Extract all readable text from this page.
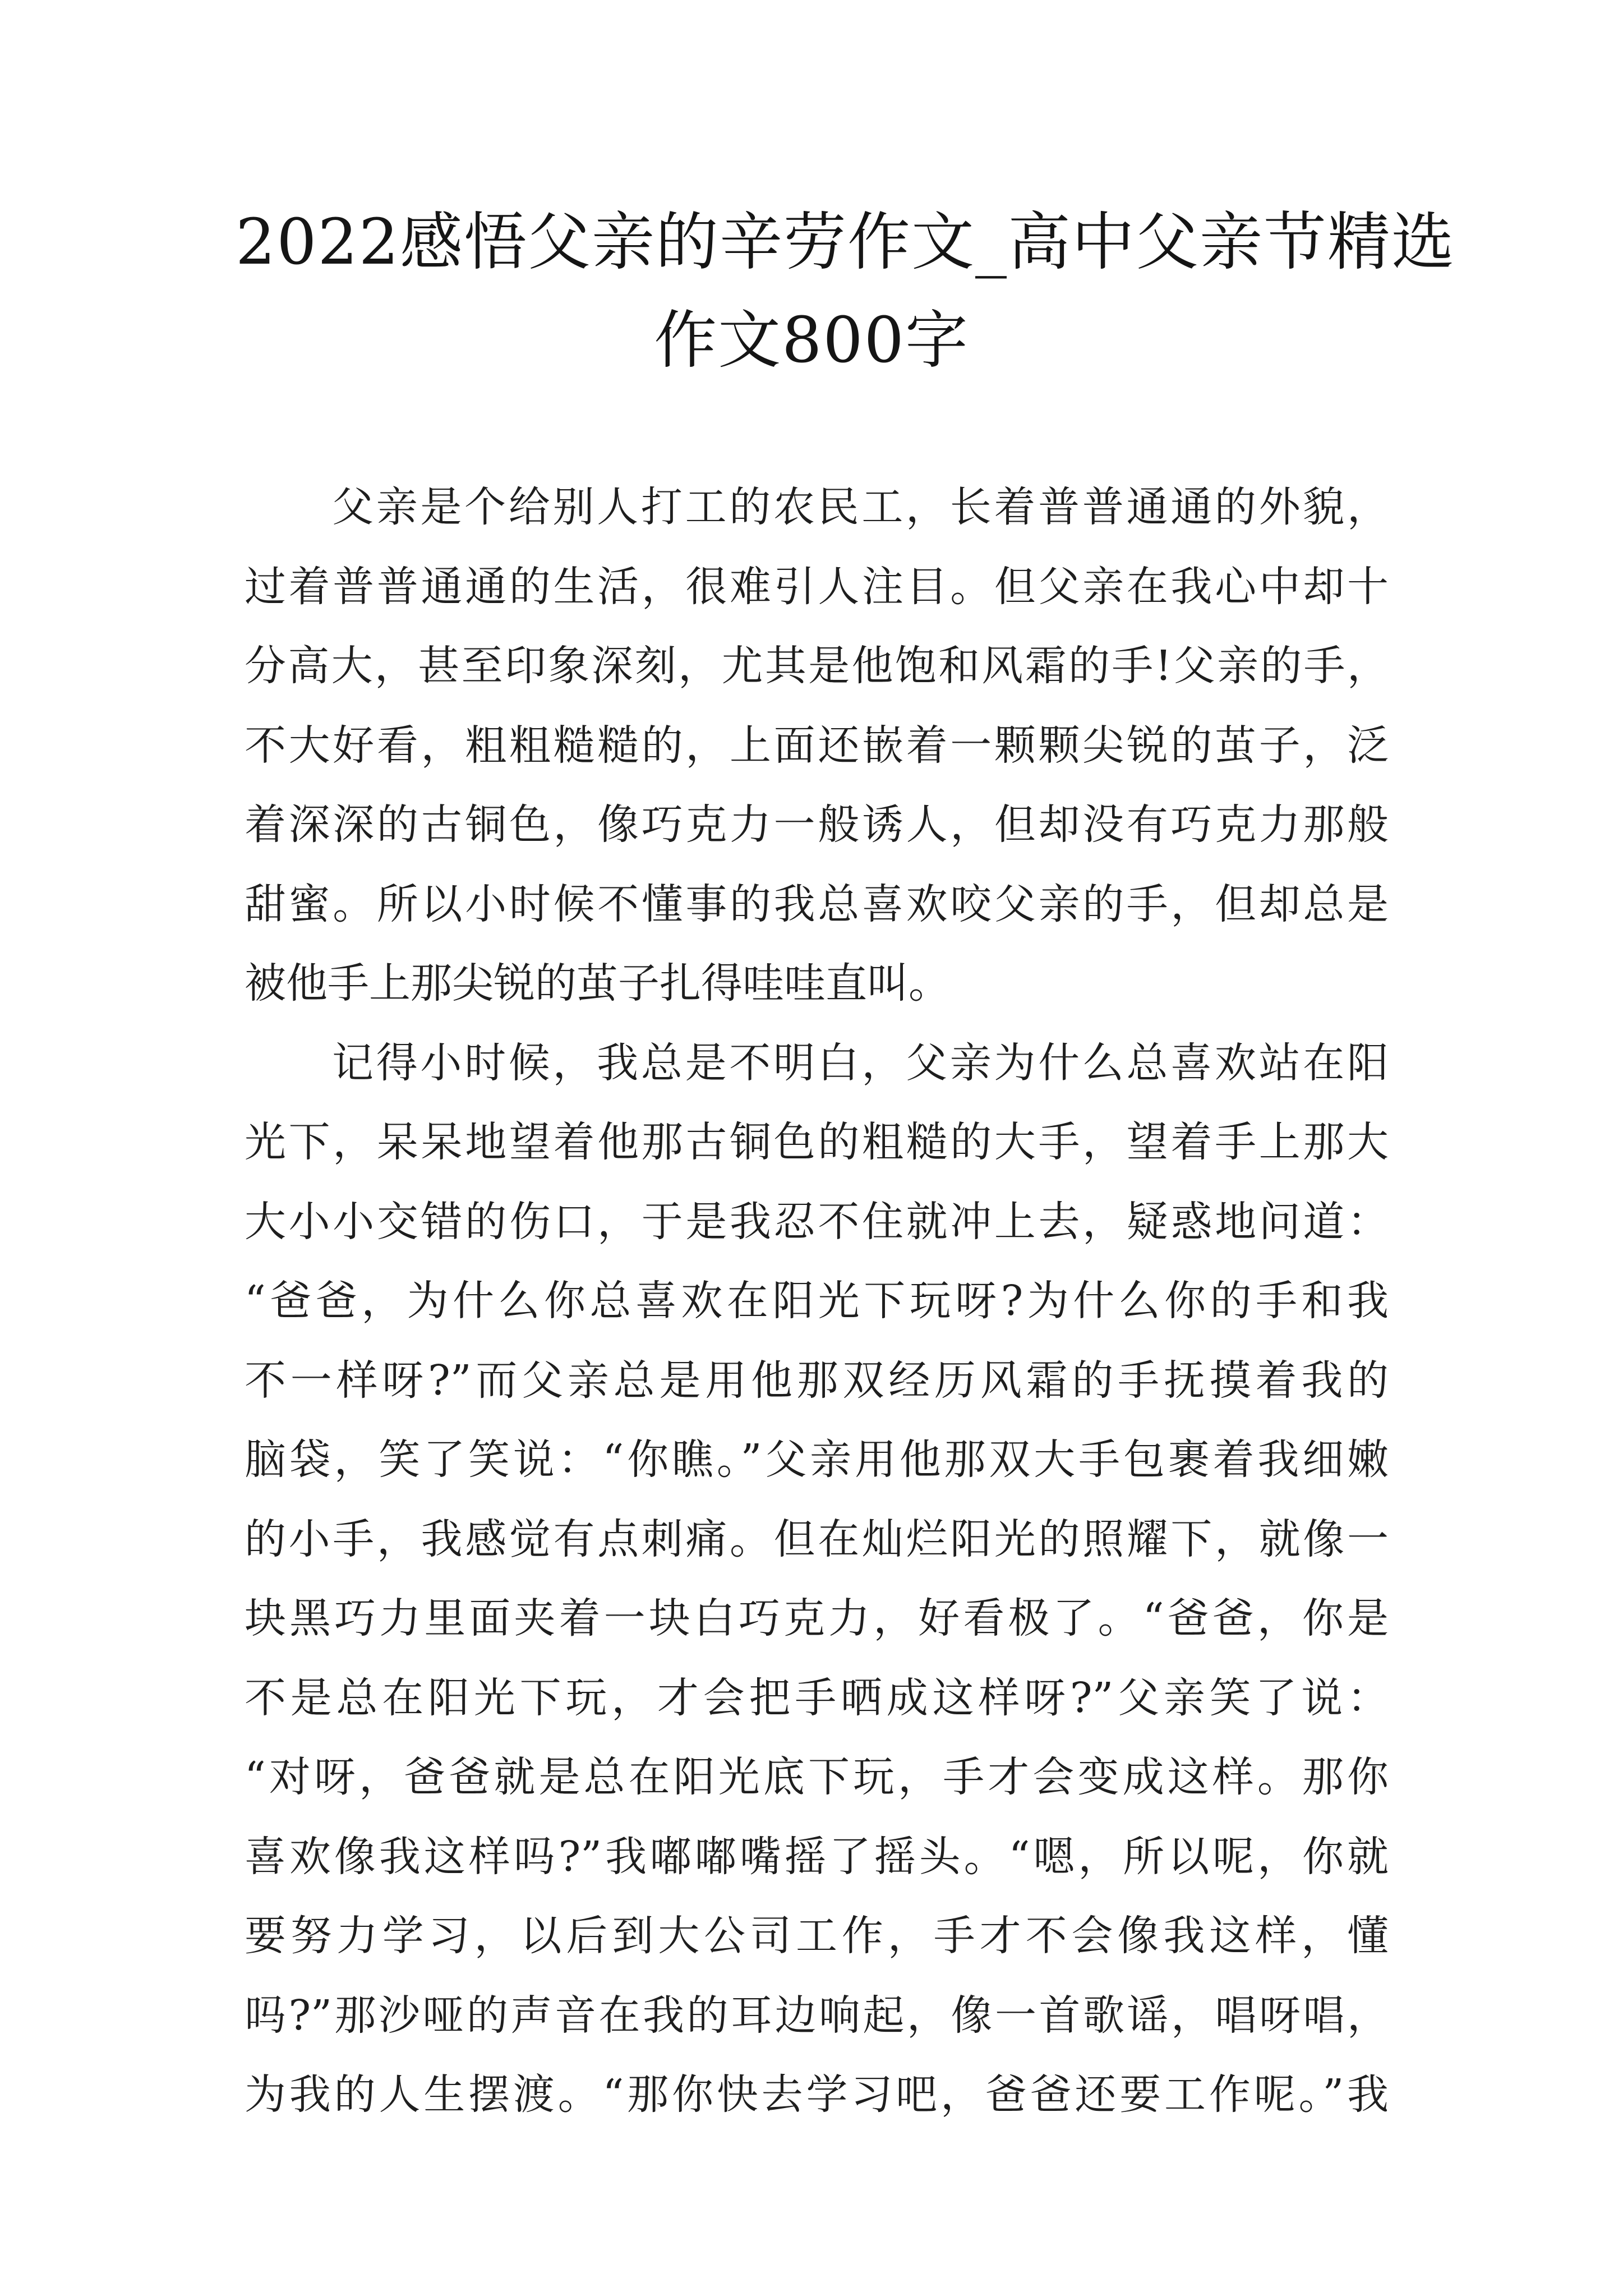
2022感悟父亲的辛劳作文_高中父亲节精选
作文800字
父亲是个给别人打工的农民工，长着普普通通的外貌，
过着普普通通的生活，很难引人注目。但父亲在我心中却十
分高大，甚至印象深刻，尤其是他饱和风霜的手!父亲的手，
不大好看，粗粗糙糙的，上面还嵌着一颗颗尖锐的茧子，泛
着深深的古铜色，像巧克力一般诱人，但却没有巧克力那般
甜蜜。所以小时候不懂事的我总喜欢咬父亲的手，但却总是
被他手上那尖锐的茧子扎得哇哇直叫。
记得小时候，我总是不明白，父亲为什么总喜欢站在阳
光下，呆呆地望着他那古铜色的粗糙的大手，望着手上那大
大小小交错的伤口，于是我忍不住就冲上去，疑惑地问道：
“爸爸，为什么你总喜欢在阳光下玩呀?为什么你的手和我
不一样呀?”而父亲总是用他那双经历风霜的手抚摸着我的
脑袋，笑了笑说：“你瞧。”父亲用他那双大手包裹着我细嫩
的小手，我感觉有点刺痛。但在灿烂阳光的照耀下，就像一
块黑巧力里面夹着一块白巧克力，好看极了。“爸爸，你是
不是总在阳光下玩，才会把手晒成这样呀?”父亲笑了说：
“对呀，爸爸就是总在阳光底下玩，手才会变成这样。那你
喜欢像我这样吗?”我嘟嘟嘴摇了摇头。“嗯，所以呢，你就
要努力学习，以后到大公司工作，手才不会像我这样，懂
吗?”那沙哑的声音在我的耳边响起，像一首歌谣，唱呀唱，
为我的人生摆渡。“那你快去学习吧，爸爸还要工作呢。”我
